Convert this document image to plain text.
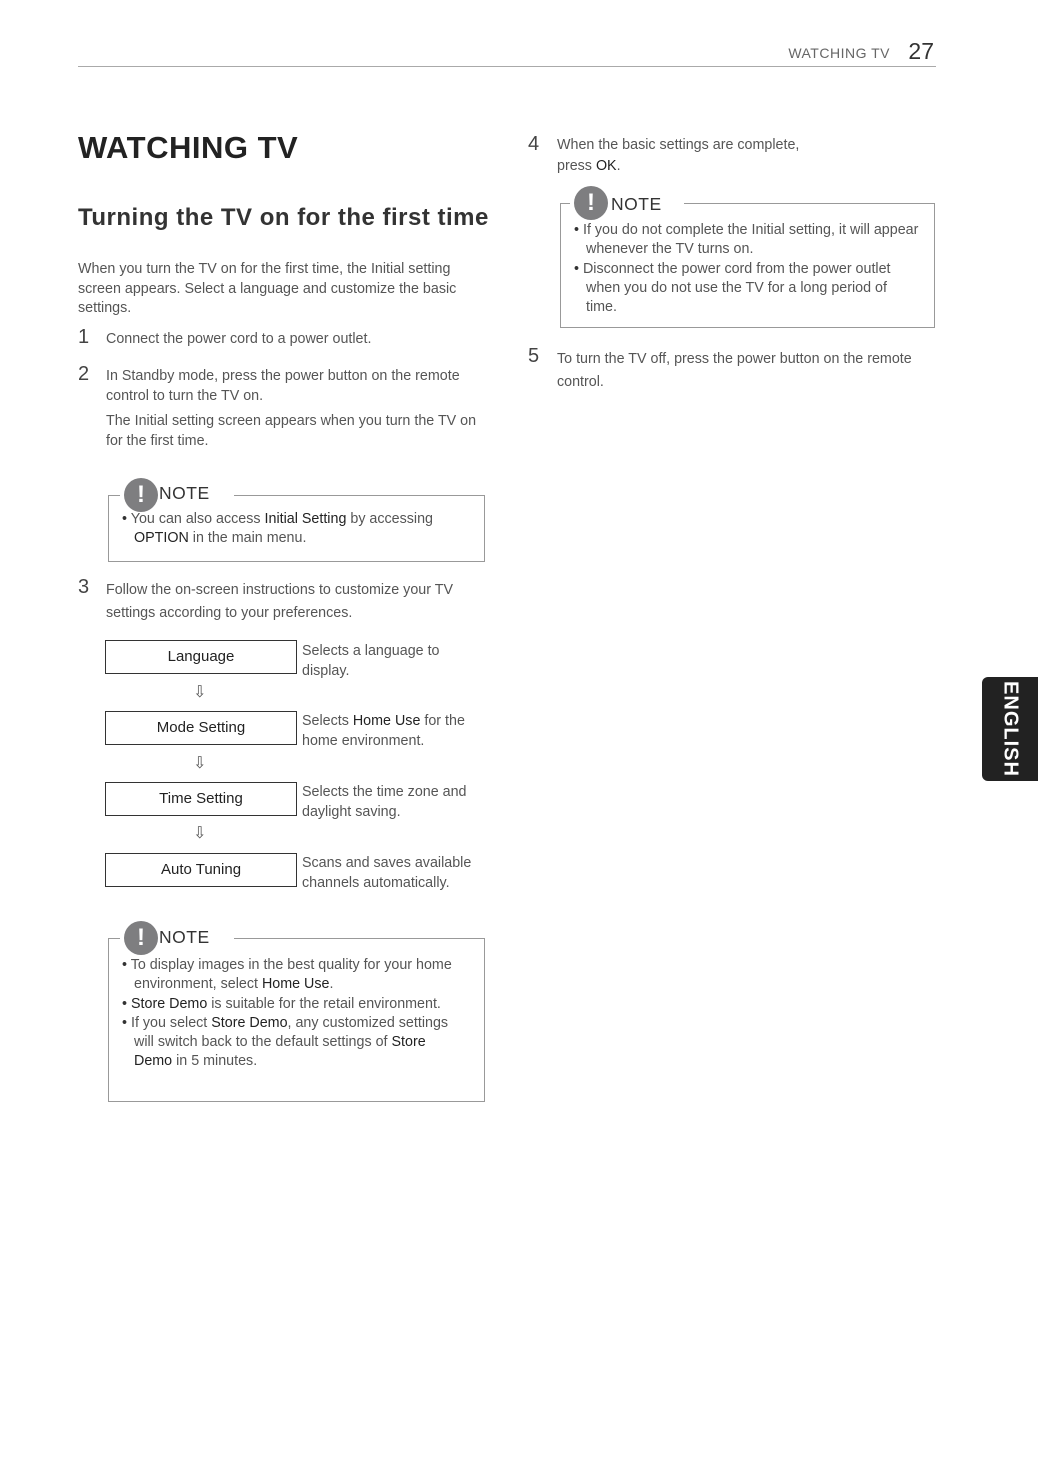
WATCHING TV 27
WATCHING TV
Turning the TV on for the first time
When you turn the TV on for the first time, the Initial setting screen appears. Select a language and customize the basic settings.
1 Connect the power cord to a power outlet.
2 In Standby mode, press the power button on the remote control to turn the TV on.
The Initial setting screen appears when you turn the TV on for the first time.
! NOTE
• You can also access Initial Setting by accessing OPTION in the main menu.
3 Follow the on-screen instructions to customize your TV settings according to your preferences.
Language	Selects a language to display.
⇩
Mode Setting	Selects Home Use for the home environment.
⇩
Time Setting	Selects the time zone and daylight saving.
⇩
Auto Tuning	Scans and saves available channels automatically.
! NOTE
• To display images in the best quality for your home environment, select Home Use.
• Store Demo is suitable for the retail environment.
• If you select Store Demo, any customized settings will switch back to the default settings of Store Demo in 5 minutes.
4 When the basic settings are complete,
press OK.
! NOTE
• If you do not complete the Initial setting, it will appear whenever the TV turns on.
• Disconnect the power cord from the power outlet when you do not use the TV for a long period of time.
5 To turn the TV off, press the power button on the remote control.
ENGLISH
